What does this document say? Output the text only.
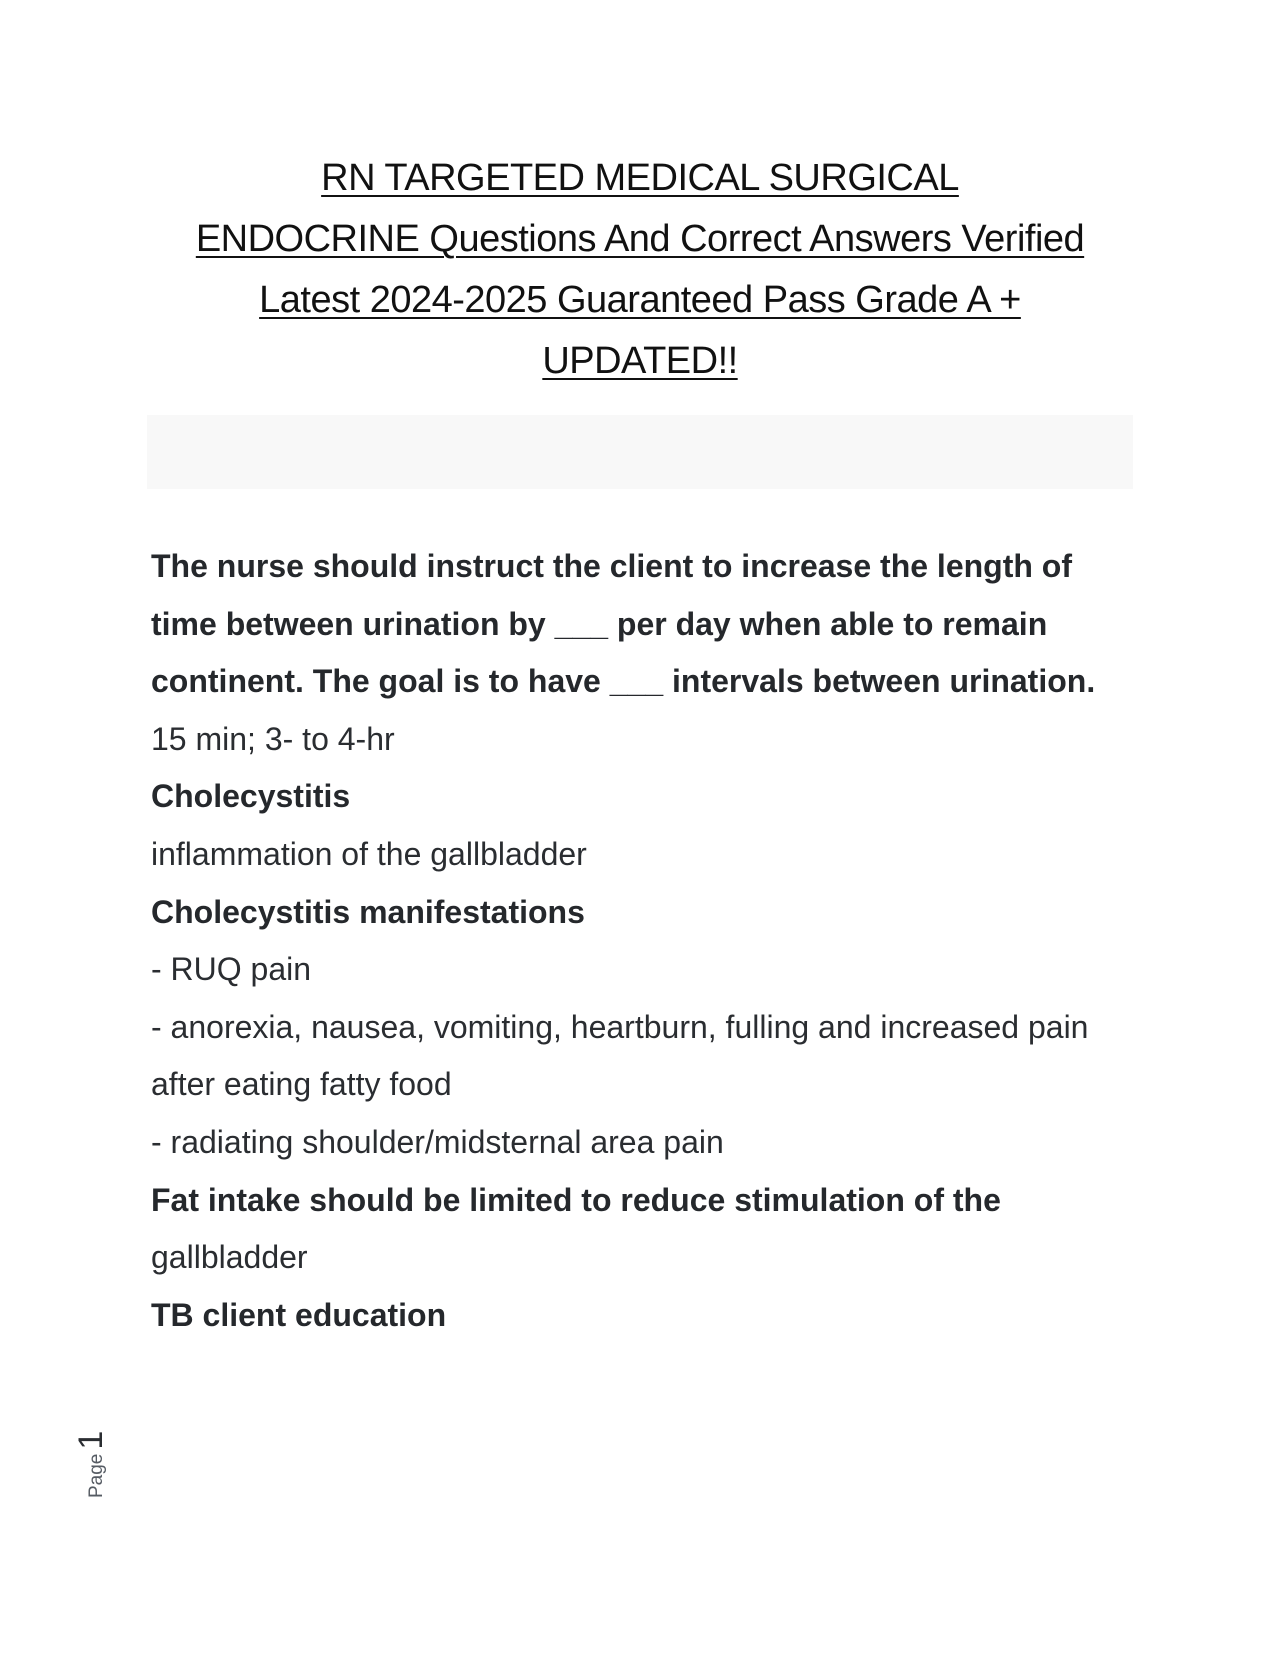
RN TARGETED MEDICAL SURGICAL
ENDOCRINE Questions And Correct Answers Verified
Latest 2024-2025 Guaranteed Pass Grade A +
UPDATED!!

The nurse should instruct the client to increase the length of time between urination by ___ per day when able to remain continent. The goal is to have ___ intervals between urination.

15 min; 3- to 4-hr

Cholecystitis

inflammation of the gallbladder

Cholecystitis manifestations

- RUQ pain

- anorexia, nausea, vomiting, heartburn, fulling and increased pain after eating fatty food

- radiating shoulder/midsternal area pain

Fat intake should be limited to reduce stimulation of the

gallbladder

TB client education

Page
1
